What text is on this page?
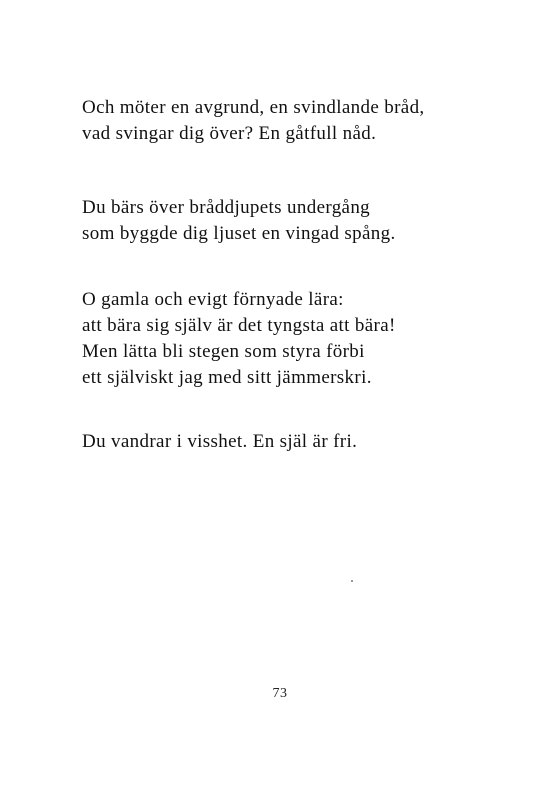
Och möter en avgrund, en svindlande bråd,
vad svingar dig över? En gåtfull nåd.
Du bärs över bråddjupets undergång
som byggde dig ljuset en vingad spång.
O gamla och evigt förnyade lära:
att bära sig själv är det tyngsta att bära!
Men lätta bli stegen som styra förbi
ett själviskt jag med sitt jämmerskri.
Du vandrar i visshet. En själ är fri.
73
